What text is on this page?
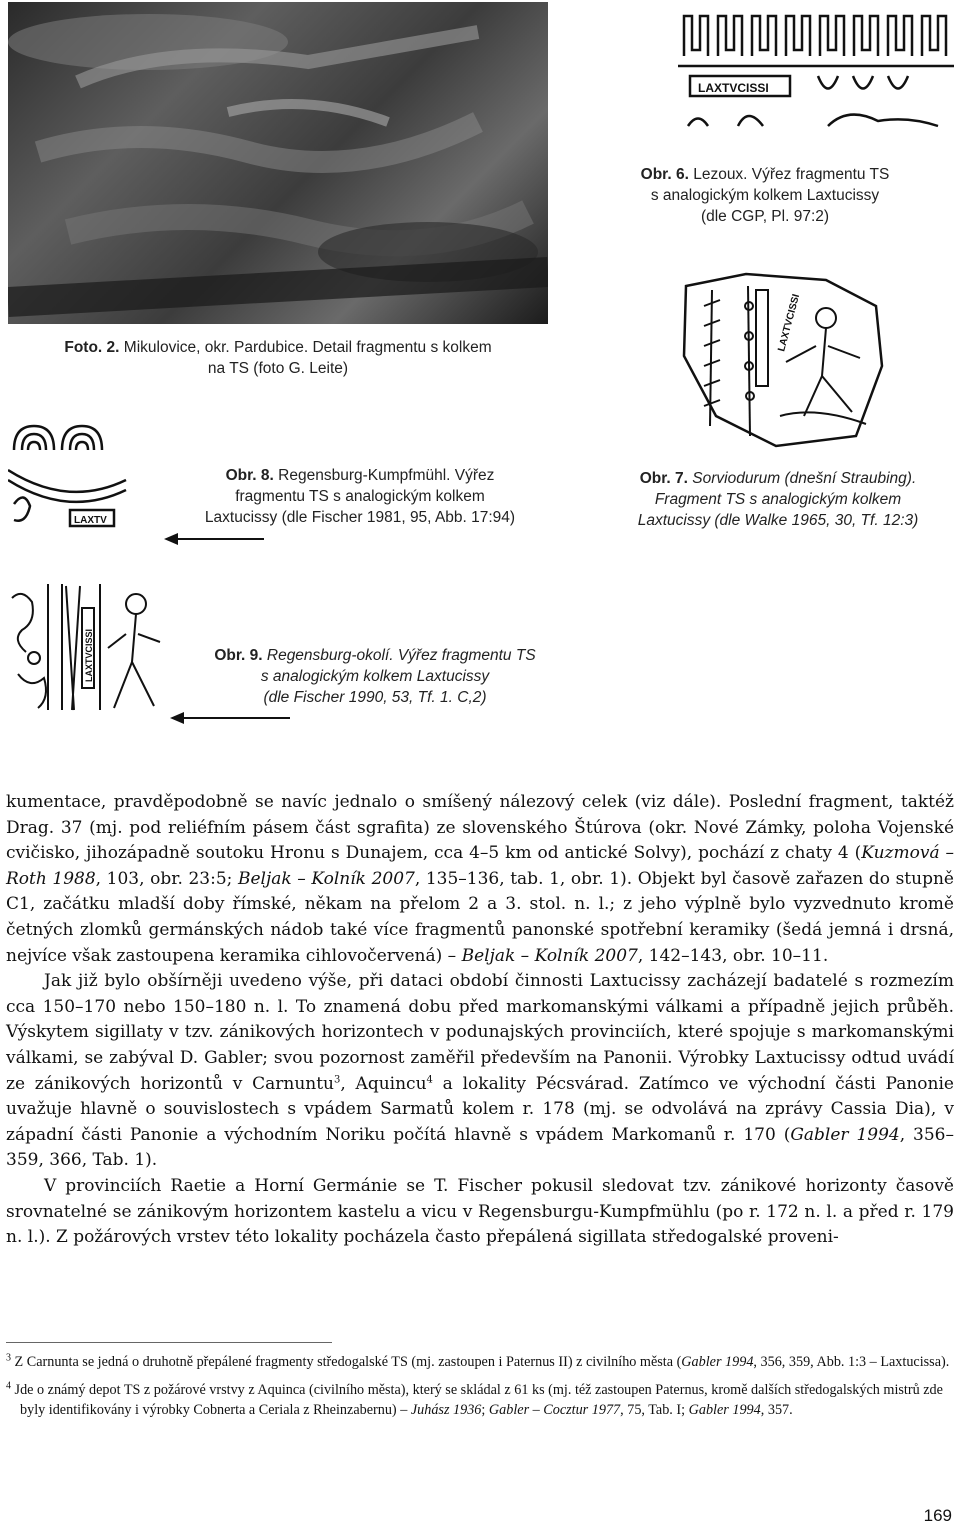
Foto. 2. Mikulovice, okr. Pardubice. Detail fragmentu s kolkem
na TS (foto G. Leite)
LAXTVCISSI
Obr. 6. Lezoux. Výřez fragmentu TS
s analogickým kolkem Laxtucissy
(dle CGP, Pl. 97:2)
LAXTVCISSI
Obr. 7. Sorviodurum (dnešní Straubing).
Fragment TS s analogickým kolkem
Laxtucissy (dle Walke 1965, 30, Tf. 12:3)
LAXTV
Obr. 8. Regensburg-Kumpfmühl. Výřez
fragmentu TS s analogickým kolkem
Laxtucissy (dle Fischer 1981, 95, Abb. 17:94)
LAXTVCISSI	Obr. 9. Regensburg-okolí. Výřez fragmentu TS
s analogickým kolkem Laxtucissy
(dle Fischer 1990, 53, Tf. 1. C,2)

kumentace, pravděpodobně se navíc jednalo o smíšený nálezový celek (viz dále). Poslední fragment, taktéž Drag. 37 (mj. pod reliéfním pásem část sgrafita) ze slovenského Štúrova (okr. Nové Zámky, poloha Vojenské cvičisko, jihozápadně soutoku Hronu s Dunajem, cca 4–5 km od antické Solvy), pochází z chaty 4 (Kuzmová – Roth 1988, 103, obr. 23:5; Beljak – Kolník 2007, 135–136, tab. 1, obr. 1). Objekt byl časově zařazen do stupně C1, začátku mladší doby římské, někam na přelom 2 a 3. stol. n. l.; z jeho výplně bylo vyzvednuto kromě četných zlomků germánských nádob také více fragmentů panonské spotřební keramiky (šedá jemná i drsná, nejvíce však zastoupena keramika cihlovočervená) – Beljak – Kolník 2007, 142–143, obr. 10–11.

Jak již bylo obšírněji uvedeno výše, při dataci období činnosti Laxtucissy zacházejí badatelé s rozmezím cca 150–170 nebo 150–180 n. l. To znamená dobu před markomanskými válkami a případně jejich průběh. Výskytem sigillaty v tzv. zánikových horizontech v podunajských provinciích, které spojuje s markomanskými válkami, se zabýval D. Gabler; svou pozornost zaměřil především na Panonii. Výrobky Laxtucissy odtud uvádí ze zánikových horizontů v Carnuntu$^3$, Aquincu$^4$ a lokality Pécsvárad. Zatímco ve východní části Panonie uvažuje hlavně o souvislostech s vpádem Sarmatů kolem r. 178 (mj. se odvolává na zprávy Cassia Dia), v západní části Panonie a východním Noriku počítá hlavně s vpádem Markomanů r. 170 (Gabler 1994, 356–359, 366, Tab. 1).

V provinciích Raetie a Horní Germánie se T. Fischer pokusil sledovat tzv. zánikové horizonty časově srovnatelné se zánikovým horizontem kastelu a vicu v Regensburgu-Kumpfmühlu (po r. 172 n. l. a před r. 179 n. l.). Z požárových vrstev této lokality pocházela často přepálená sigillata středogalské proveni-

$^3$ Z Carnunta se jedná o druhotně přepálené fragmenty středogalské TS (mj. zastoupen i Paternus II) z civilního města (Gabler 1994, 356, 359, Abb. 1:3 – Laxtucissa).

$^4$ Jde o známý depot TS z požárové vrstvy z Aquinca (civilního města), který se skládal z 61 ks (mj. též zastoupen Paternus, kromě dalších středogalských mistrů zde byly identifikovány i výrobky Cobnerta a Ceriala z Rheinzabernu) – Juhász 1936; Gabler – Cocztur 1977, 75, Tab. I; Gabler 1994, 357.

169
